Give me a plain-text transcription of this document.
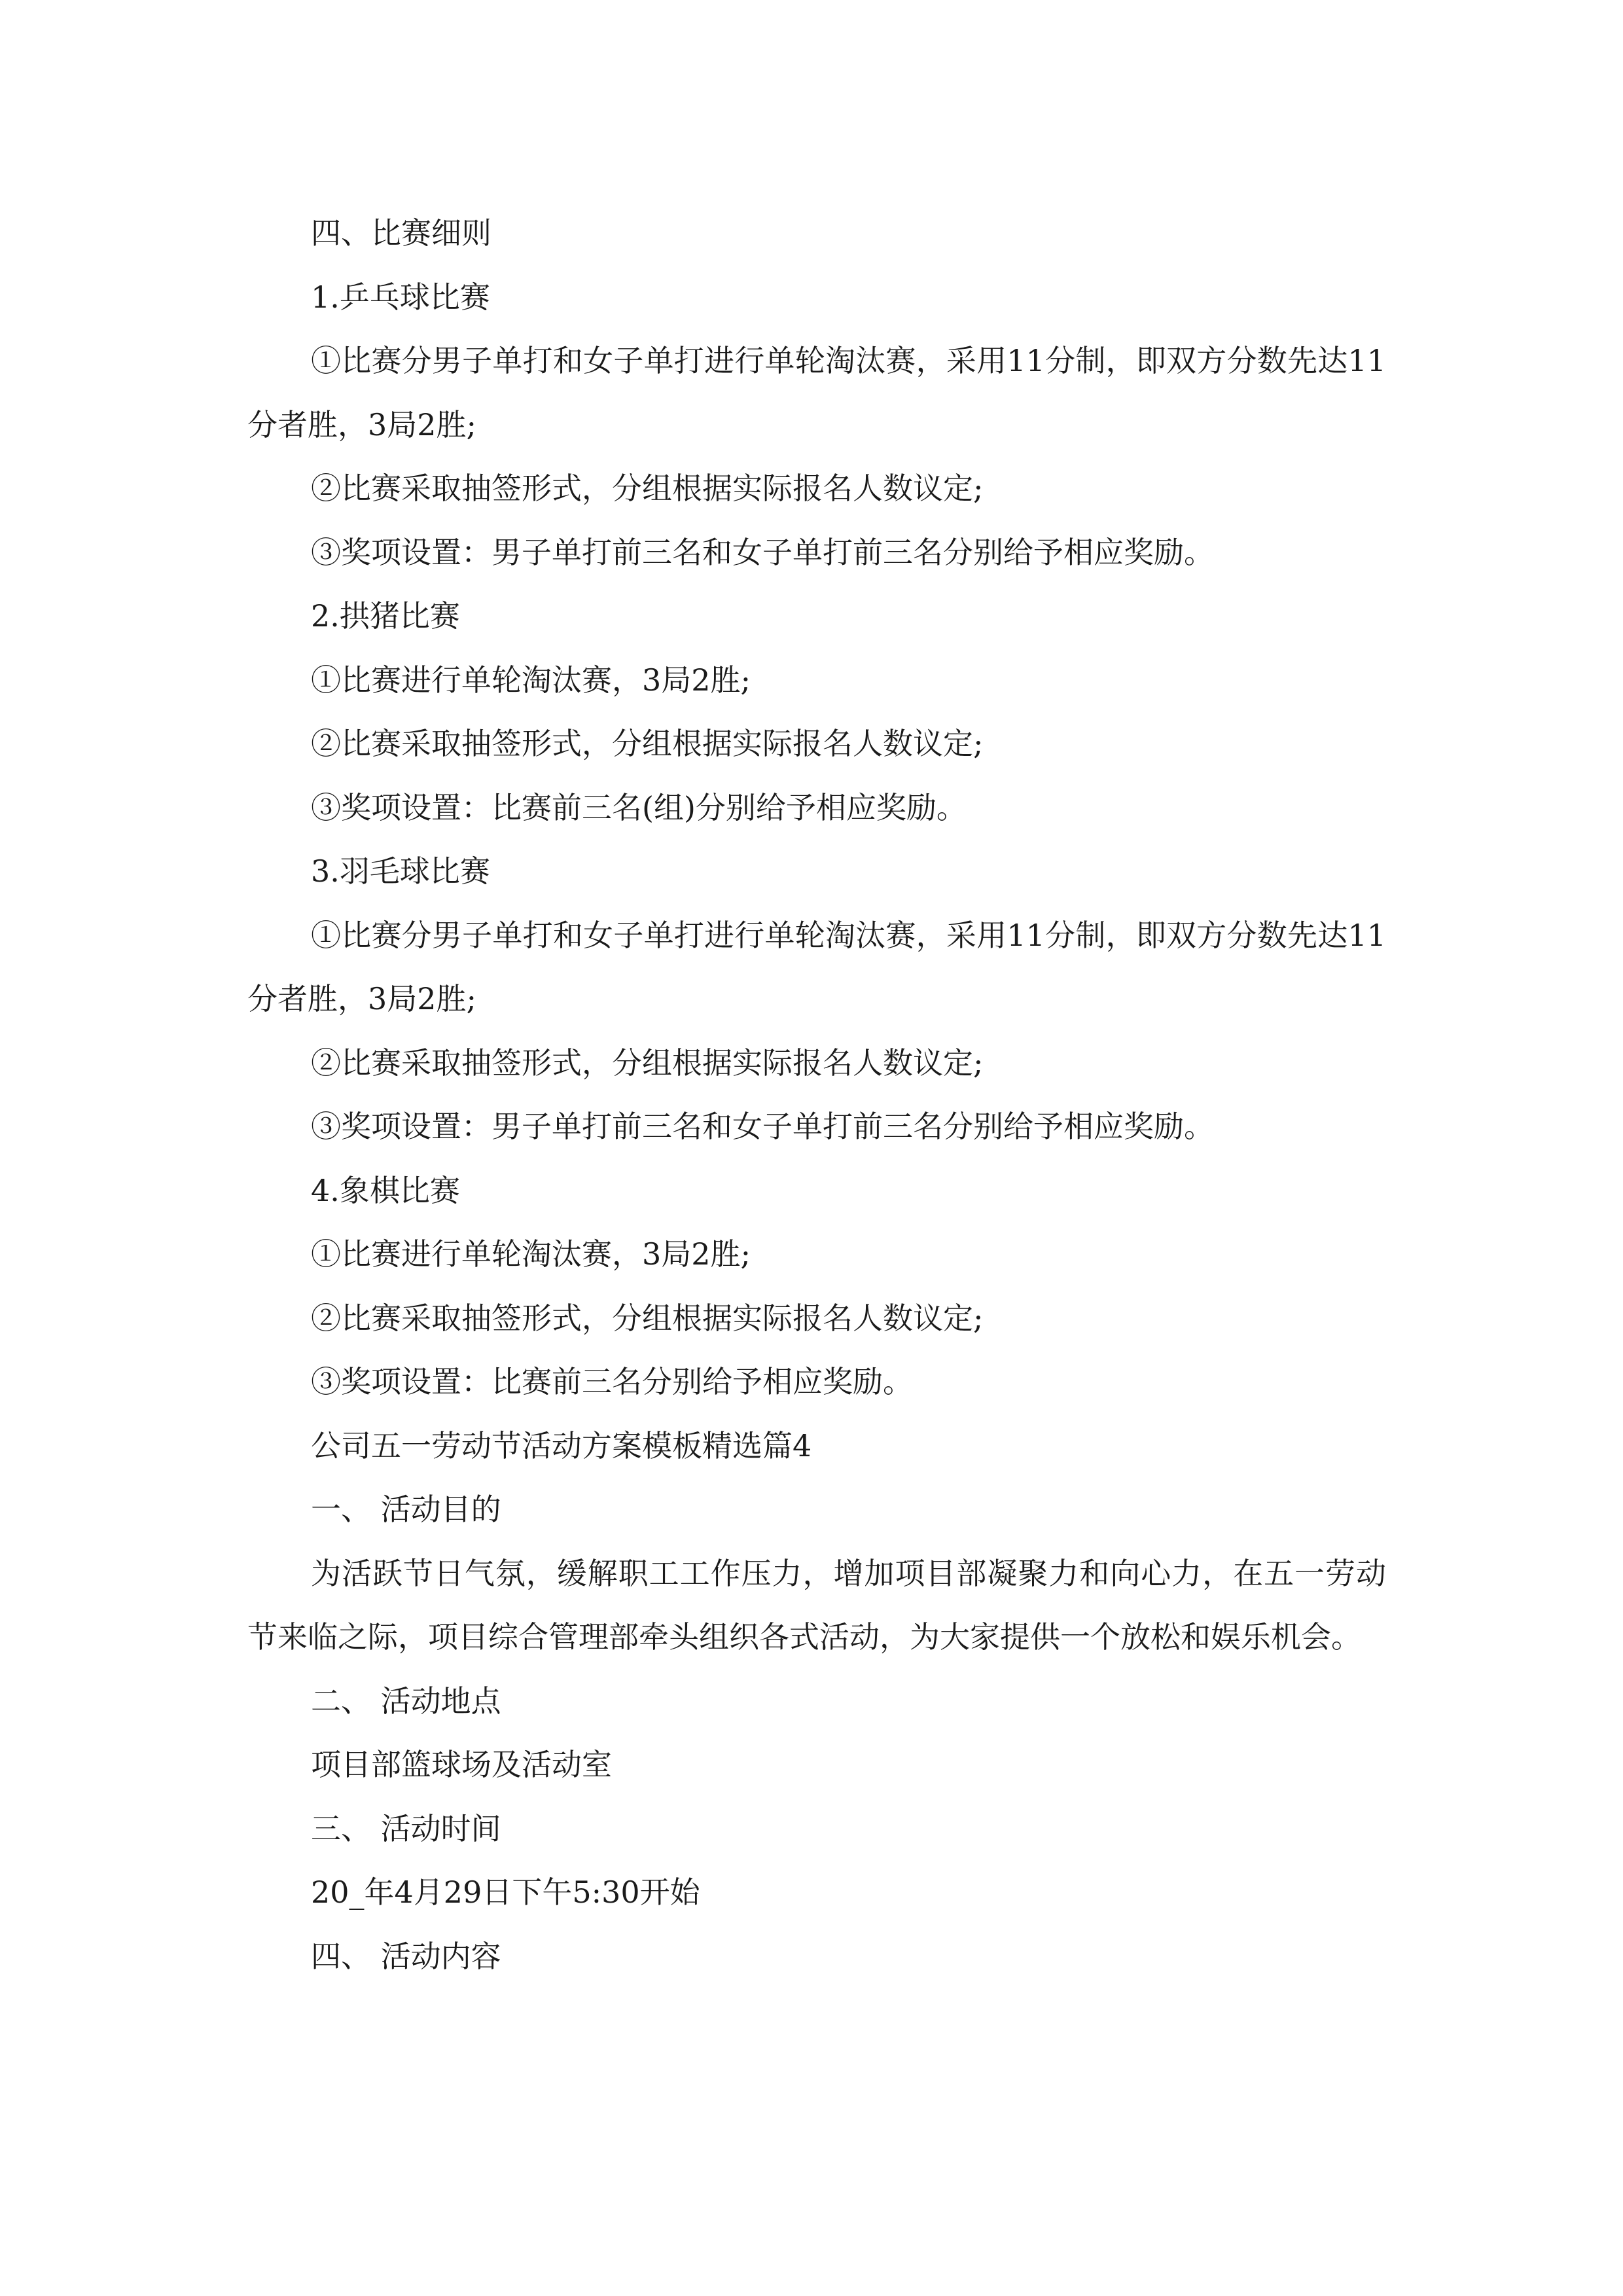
四、比赛细则

1.乒乓球比赛

①比赛分男子单打和女子单打进行单轮淘汰赛，采用11分制，即双方分数先达11分者胜，3局2胜;

②比赛采取抽签形式，分组根据实际报名人数议定;

③奖项设置：男子单打前三名和女子单打前三名分别给予相应奖励。

2.拱猪比赛

①比赛进行单轮淘汰赛，3局2胜;

②比赛采取抽签形式，分组根据实际报名人数议定;

③奖项设置：比赛前三名(组)分别给予相应奖励。

3.羽毛球比赛

①比赛分男子单打和女子单打进行单轮淘汰赛，采用11分制，即双方分数先达11分者胜，3局2胜;

②比赛采取抽签形式，分组根据实际报名人数议定;

③奖项设置：男子单打前三名和女子单打前三名分别给予相应奖励。

4.象棋比赛

①比赛进行单轮淘汰赛，3局2胜;

②比赛采取抽签形式，分组根据实际报名人数议定;

③奖项设置：比赛前三名分别给予相应奖励。

公司五一劳动节活动方案模板精选篇4

一、 活动目的

为活跃节日气氛，缓解职工工作压力，增加项目部凝聚力和向心力，在五一劳动节来临之际，项目综合管理部牵头组织各式活动，为大家提供一个放松和娱乐机会。

二、 活动地点

项目部篮球场及活动室

三、 活动时间

20_年4月29日下午5:30开始

四、 活动内容
